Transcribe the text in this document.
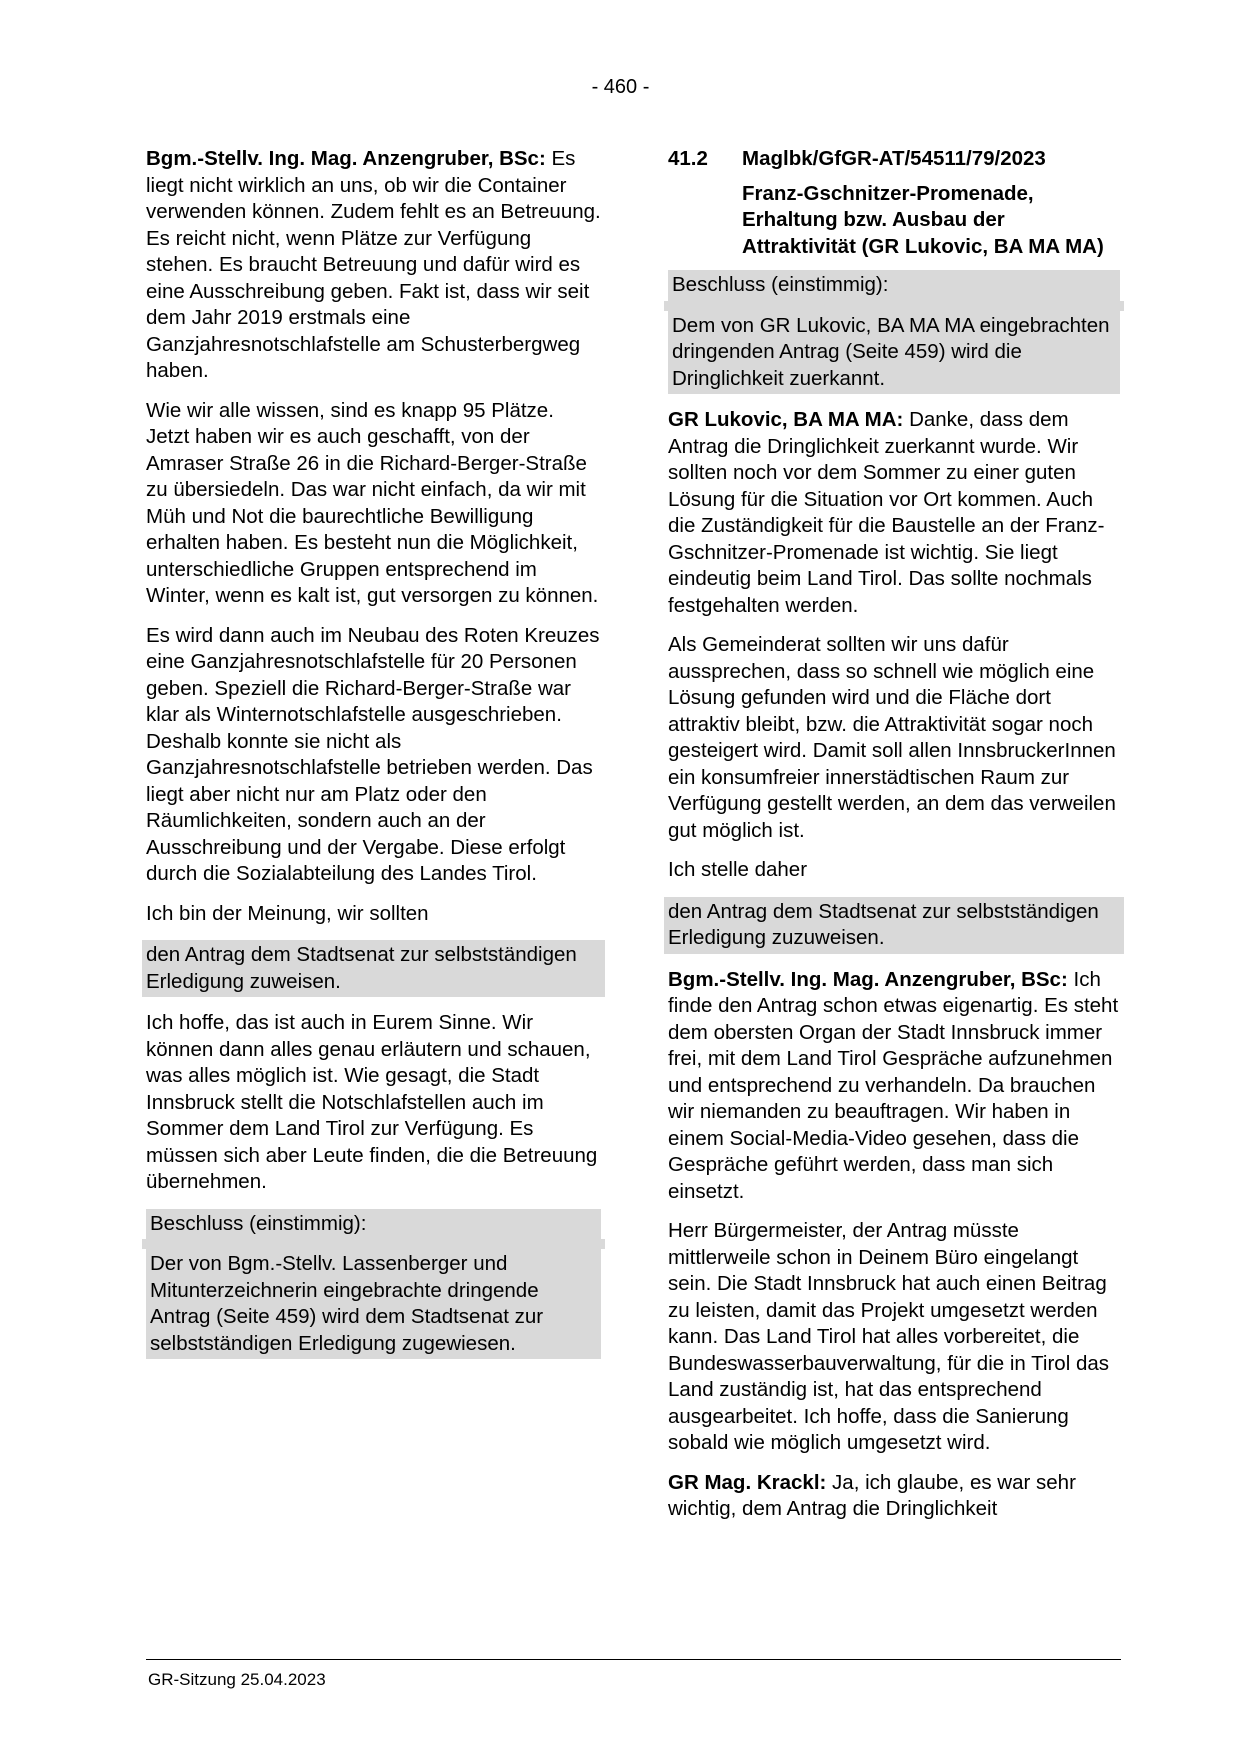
- 460 -

Bgm.-Stellv. Ing. Mag. Anzengruber, BSc: Es liegt nicht wirklich an uns, ob wir die Container verwenden können. Zudem fehlt es an Betreuung. Es reicht nicht, wenn Plätze zur Verfügung stehen. Es braucht Betreuung und dafür wird es eine Ausschreibung geben. Fakt ist, dass wir seit dem Jahr 2019 erstmals eine Ganzjahresnotschlafstelle am Schusterbergweg haben.

Wie wir alle wissen, sind es knapp 95 Plätze. Jetzt haben wir es auch geschafft, von der Amraser Straße 26 in die Richard-Berger-Straße zu übersiedeln. Das war nicht einfach, da wir mit Müh und Not die baurechtliche Bewilligung erhalten haben. Es besteht nun die Möglichkeit, unterschiedliche Gruppen entsprechend im Winter, wenn es kalt ist, gut versorgen zu können.

Es wird dann auch im Neubau des Roten Kreuzes eine Ganzjahresnotschlafstelle für 20 Personen geben. Speziell die Richard-Berger-Straße war klar als Winternotschlafstelle ausgeschrieben. Deshalb konnte sie nicht als Ganzjahresnotschlafstelle betrieben werden. Das liegt aber nicht nur am Platz oder den Räumlichkeiten, sondern auch an der Ausschreibung und der Vergabe. Diese erfolgt durch die Sozialabteilung des Landes Tirol.

Ich bin der Meinung, wir sollten

den Antrag dem Stadtsenat zur selbstständigen Erledigung zuweisen.

Ich hoffe, das ist auch in Eurem Sinne. Wir können dann alles genau erläutern und schauen, was alles möglich ist. Wie gesagt, die Stadt Innsbruck stellt die Notschlafstellen auch im Sommer dem Land Tirol zur Verfügung. Es müssen sich aber Leute finden, die die Betreuung übernehmen.

Beschluss (einstimmig):

Der von Bgm.-Stellv. Lassenberger und Mitunterzeichnerin eingebrachte dringende Antrag (Seite 459) wird dem Stadtsenat zur selbstständigen Erledigung zugewiesen.

41.2	Maglbk/GfGR-AT/54511/79/2023
Franz-Gschnitzer-Promenade, Erhaltung bzw. Ausbau der Attraktivität (GR Lukovic, BA MA MA)

Beschluss (einstimmig):

Dem von GR Lukovic, BA MA MA eingebrachten dringenden Antrag (Seite 459) wird die Dringlichkeit zuerkannt.

GR Lukovic, BA MA MA: Danke, dass dem Antrag die Dringlichkeit zuerkannt wurde. Wir sollten noch vor dem Sommer zu einer guten Lösung für die Situation vor Ort kommen. Auch die Zuständigkeit für die Baustelle an der Franz-Gschnitzer-Promenade ist wichtig. Sie liegt eindeutig beim Land Tirol. Das sollte nochmals festgehalten werden.

Als Gemeinderat sollten wir uns dafür aussprechen, dass so schnell wie möglich eine Lösung gefunden wird und die Fläche dort attraktiv bleibt, bzw. die Attraktivität sogar noch gesteigert wird. Damit soll allen InnsbruckerInnen ein konsumfreier innerstädtischen Raum zur Verfügung gestellt werden, an dem das verweilen gut möglich ist.

Ich stelle daher

den Antrag dem Stadtsenat zur selbstständigen Erledigung zuzuweisen.

Bgm.-Stellv. Ing. Mag. Anzengruber, BSc: Ich finde den Antrag schon etwas eigenartig. Es steht dem obersten Organ der Stadt Innsbruck immer frei, mit dem Land Tirol Gespräche aufzunehmen und entsprechend zu verhandeln. Da brauchen wir niemanden zu beauftragen. Wir haben in einem Social-Media-Video gesehen, dass die Gespräche geführt werden, dass man sich einsetzt.

Herr Bürgermeister, der Antrag müsste mittlerweile schon in Deinem Büro eingelangt sein. Die Stadt Innsbruck hat auch einen Beitrag zu leisten, damit das Projekt umgesetzt werden kann. Das Land Tirol hat alles vorbereitet, die Bundeswasserbauverwaltung, für die in Tirol das Land zuständig ist, hat das entsprechend ausgearbeitet. Ich hoffe, dass die Sanierung sobald wie möglich umgesetzt wird.

GR Mag. Krackl: Ja, ich glaube, es war sehr wichtig, dem Antrag die Dringlichkeit

GR-Sitzung 25.04.2023
